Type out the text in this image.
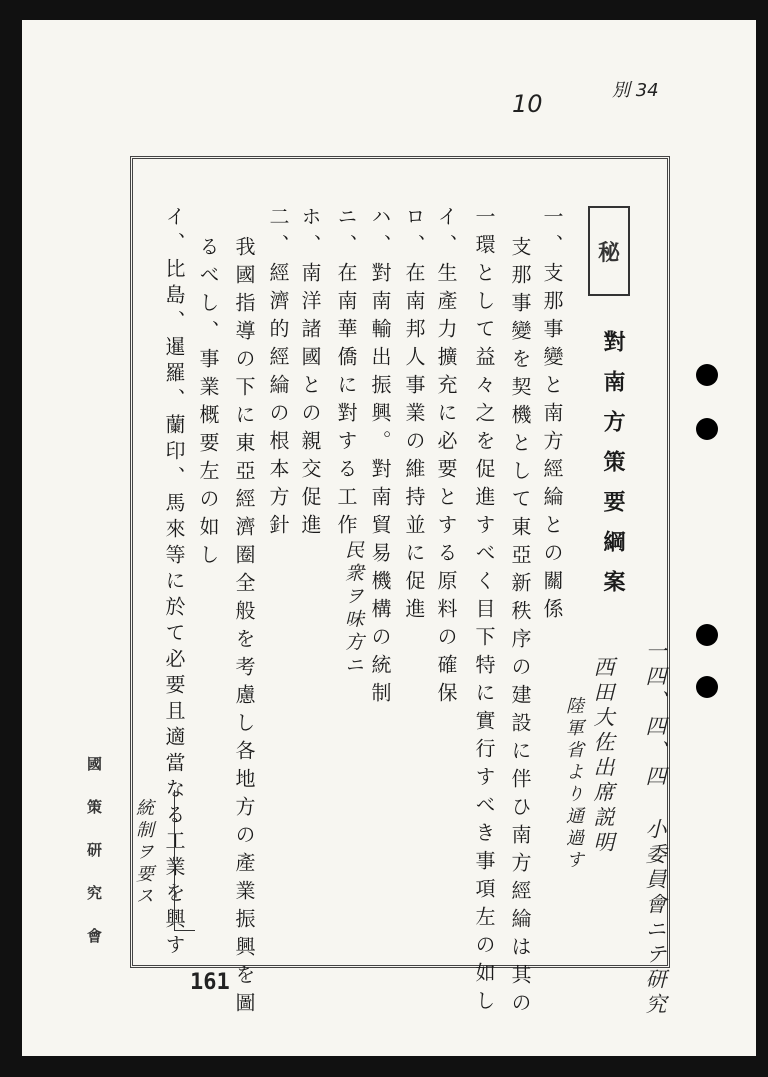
10	別 34
秘
對南方策要綱案
一、支那事變と南方經綸との關係
支那事變を契機として東亞新秩序の建設に伴ひ南方經綸は其の
一環として益々之を促進すべく目下特に實行すべき事項左の如し
イ、生產力擴充に必要とする原料の確保
ロ、在南邦人事業の維持並に促進
ハ、對南輸出振興。對南貿易機構の統制
ニ、在南華僑に對する工作
ホ、南洋諸國との親交促進
二、經濟的經綸の根本方針
我國指導の下に東亞經濟圈全般を考慮し各地方の產業振興を圖
るべし、事業概要左の如し
イ、比島、暹羅、蘭印、馬來等に於て必要且適當なる工業を興す	一四、四、四 小委員會ニテ研究
西田大佐出席説明
陸軍省より通過す
民衆ヲ味方ニ
統制ヲ要ス
國策研究會
161
